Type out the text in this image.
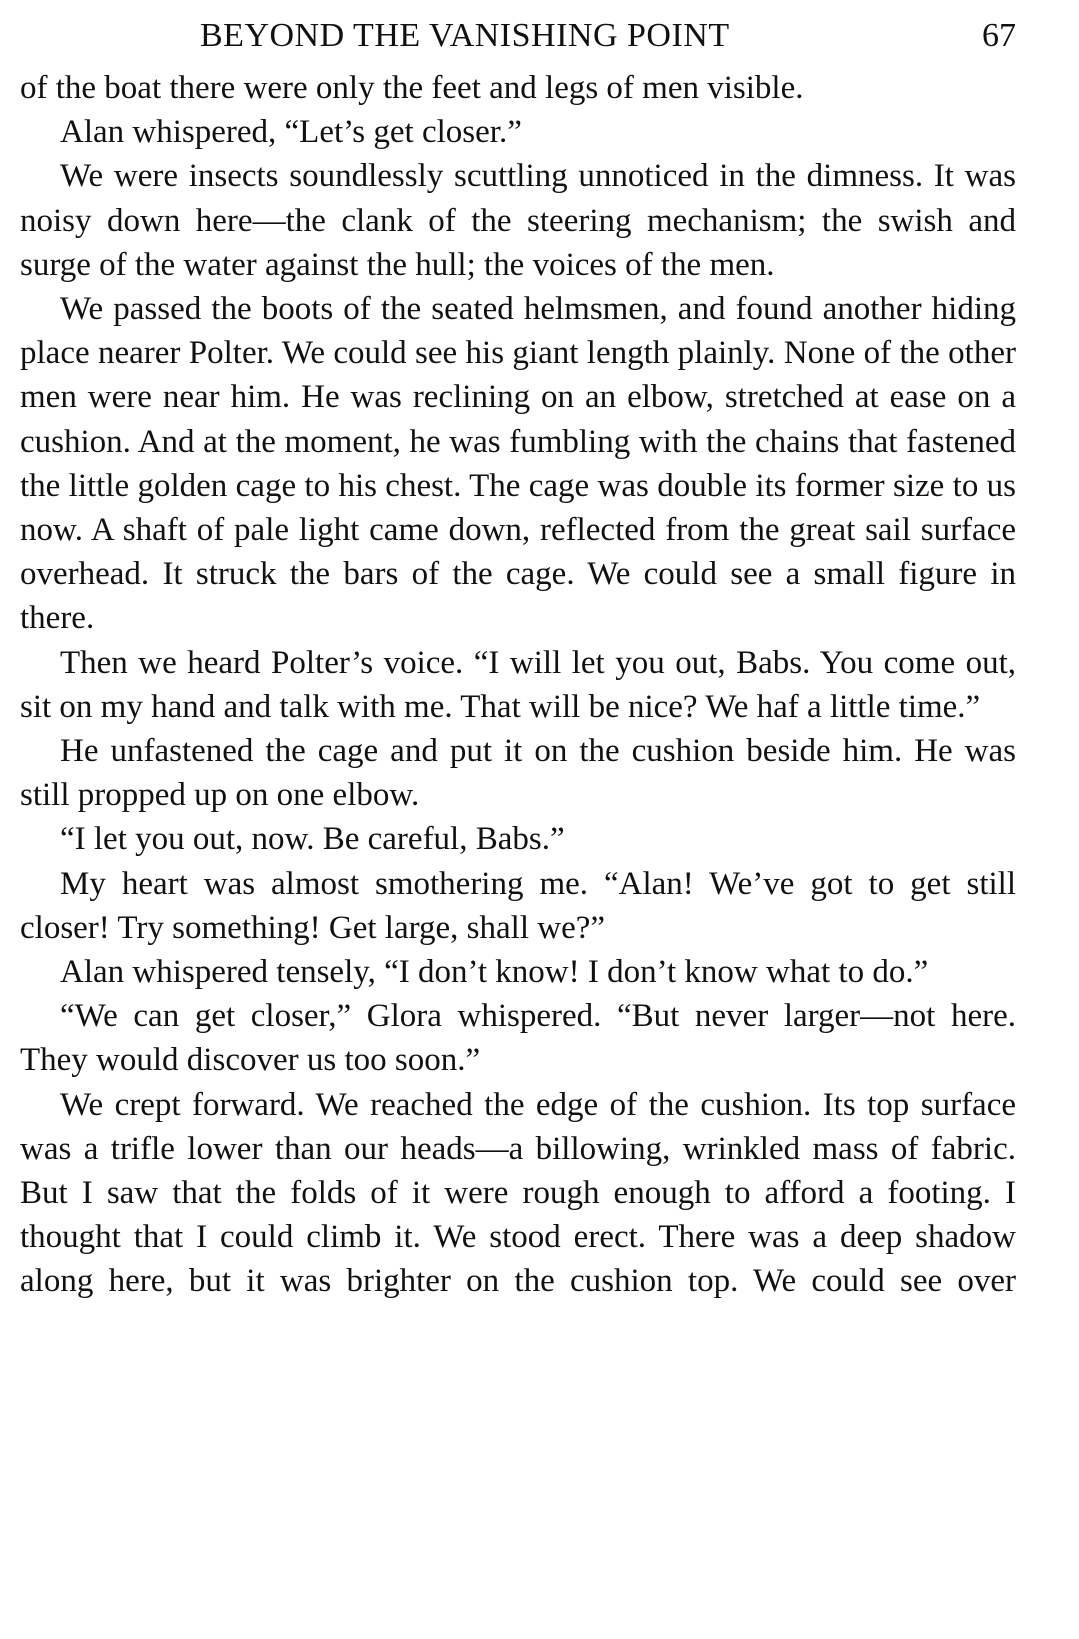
BEYOND THE VANISHING POINT	67

of the boat there were only the feet and legs of men visible.

Alan whispered, “Let’s get closer.”

We were insects soundlessly scuttling unnoticed in the dimness. It was noisy down here—the clank of the steering mechanism; the swish and surge of the water against the hull; the voices of the men.

We passed the boots of the seated helmsmen, and found another hiding place nearer Polter. We could see his giant length plainly. None of the other men were near him. He was reclining on an elbow, stretched at ease on a cushion. And at the moment, he was fumbling with the chains that fastened the little golden cage to his chest. The cage was double its former size to us now. A shaft of pale light came down, reflected from the great sail surface overhead. It struck the bars of the cage. We could see a small figure in there.

Then we heard Polter’s voice. “I will let you out, Babs. You come out, sit on my hand and talk with me. That will be nice? We haf a little time.”

He unfastened the cage and put it on the cushion beside him. He was still propped up on one elbow.

“I let you out, now. Be careful, Babs.”

My heart was almost smothering me. “Alan! We’ve got to get still closer! Try something! Get large, shall we?”

Alan whispered tensely, “I don’t know! I don’t know what to do.”

“We can get closer,” Glora whispered. “But never larger—not here. They would discover us too soon.”

We crept forward. We reached the edge of the cushion. Its top surface was a trifle lower than our heads—a billowing, wrinkled mass of fabric. But I saw that the folds of it were rough enough to afford a footing. I thought that I could climb it. We stood erect. There was a deep shadow along here, but it was brighter on the cushion top. We could see over
